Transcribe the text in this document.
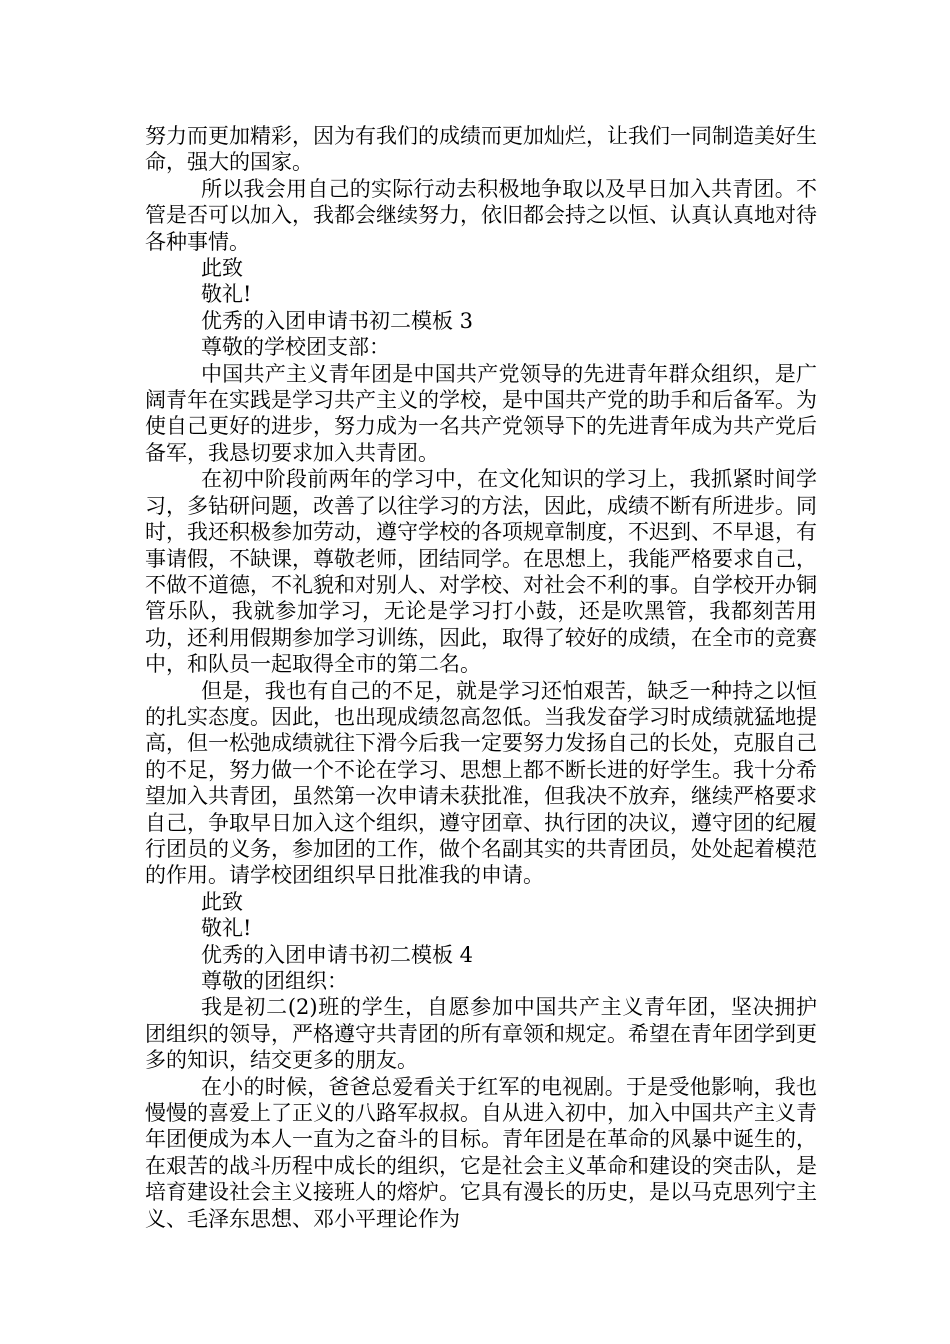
努力而更加精彩，因为有我们的成绩而更加灿烂，让我们一同制造美好生命，强大的国家。

所以我会用自己的实际行动去积极地争取以及早日加入共青团。不管是否可以加入，我都会继续努力，依旧都会持之以恒、认真认真地对待各种事情。

此致

敬礼!

优秀的入团申请书初二模板 3

尊敬的学校团支部：

中国共产主义青年团是中国共产党领导的先进青年群众组织，是广阔青年在实践是学习共产主义的学校，是中国共产党的助手和后备军。为使自己更好的进步，努力成为一名共产党领导下的先进青年成为共产党后备军，我恳切要求加入共青团。

在初中阶段前两年的学习中，在文化知识的学习上，我抓紧时间学习，多钻研问题，改善了以往学习的方法，因此，成绩不断有所进步。同时，我还积极参加劳动，遵守学校的各项规章制度，不迟到、不早退，有事请假，不缺课，尊敬老师，团结同学。在思想上，我能严格要求自己，不做不道德，不礼貌和对别人、对学校、对社会不利的事。自学校开办铜管乐队，我就参加学习，无论是学习打小鼓，还是吹黑管，我都刻苦用功，还利用假期参加学习训练，因此，取得了较好的成绩，在全市的竞赛中，和队员一起取得全市的第二名。

但是，我也有自己的不足，就是学习还怕艰苦，缺乏一种持之以恒的扎实态度。因此，也出现成绩忽高忽低。当我发奋学习时成绩就猛地提高，但一松弛成绩就往下滑今后我一定要努力发扬自己的长处，克服自己的不足，努力做一个不论在学习、思想上都不断长进的好学生。我十分希望加入共青团，虽然第一次申请未获批准，但我决不放弃，继续严格要求自己，争取早日加入这个组织，遵守团章、执行团的决议，遵守团的纪履行团员的义务，参加团的工作，做个名副其实的共青团员，处处起着模范的作用。请学校团组织早日批准我的申请。

此致

敬礼!

优秀的入团申请书初二模板 4

尊敬的团组织：

我是初二(2)班的学生，自愿参加中国共产主义青年团，坚决拥护团组织的领导，严格遵守共青团的所有章领和规定。希望在青年团学到更多的知识，结交更多的朋友。

在小的时候，爸爸总爱看关于红军的电视剧。于是受他影响，我也慢慢的喜爱上了正义的八路军叔叔。自从进入初中，加入中国共产主义青年团便成为本人一直为之奋斗的目标。青年团是在革命的风暴中诞生的，在艰苦的战斗历程中成长的组织，它是社会主义革命和建设的突击队，是培育建设社会主义接班人的熔炉。它具有漫长的历史，是以马克思列宁主义、毛泽东思想、邓小平理论作为
